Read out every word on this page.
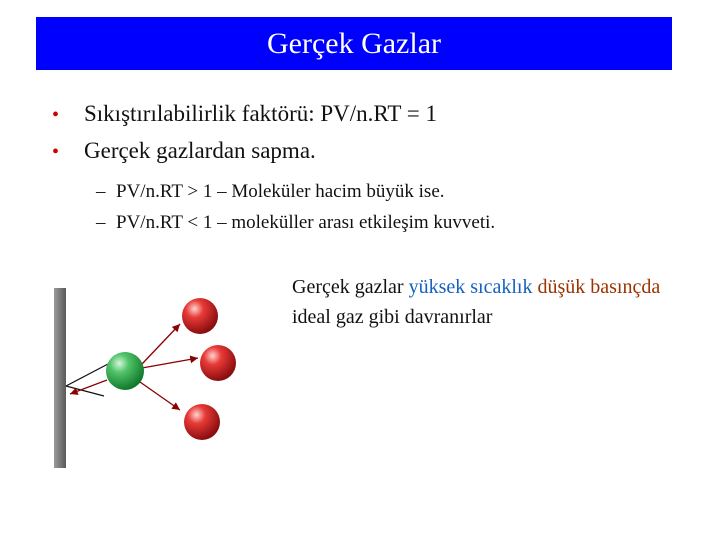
Gerçek Gazlar
•	Sıkıştırılabilirlik faktörü: PV/n.RT = 1
•	Gerçek gazlardan sapma.
– PV/n.RT > 1 – Moleküler hacim büyük ise.
– PV/n.RT < 1 – moleküller arası etkileşim kuvveti.
Gerçek gazlar yüksek sıcaklık düşük basınçda ideal gaz gibi davranırlar
